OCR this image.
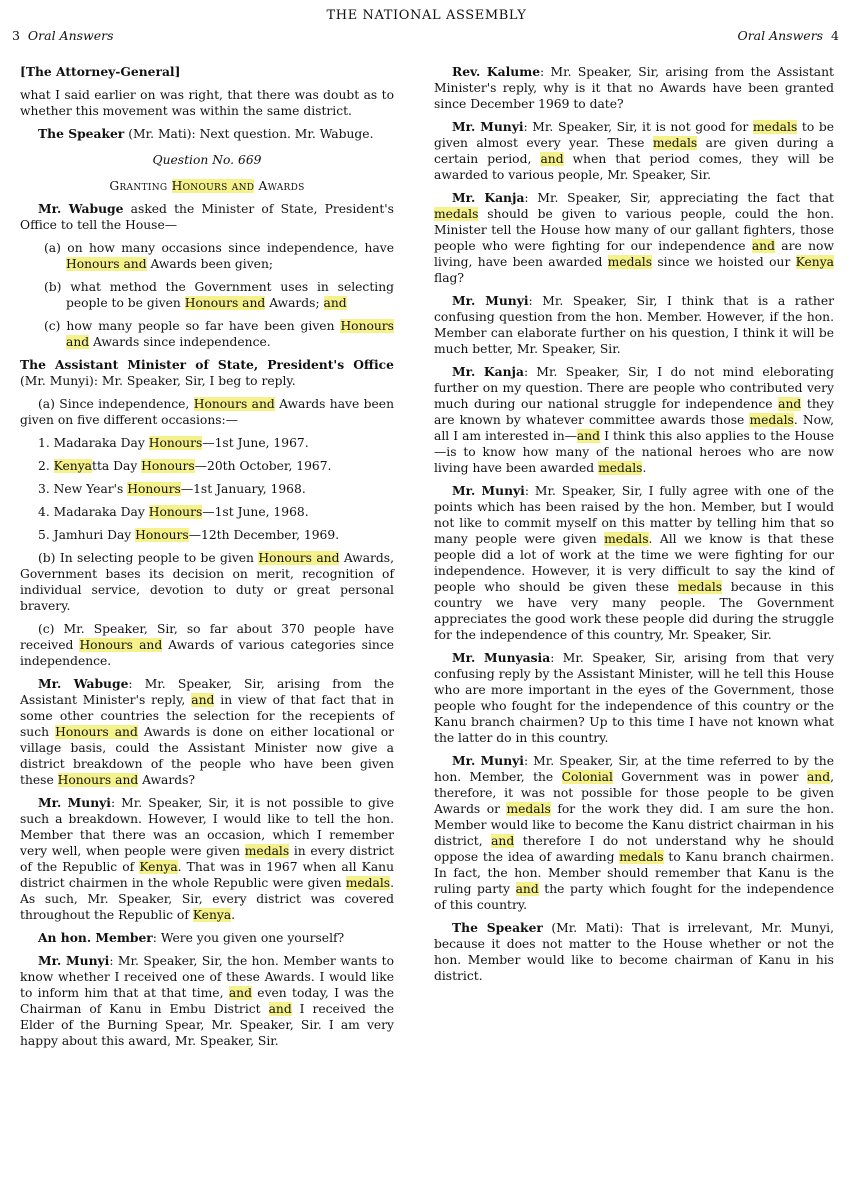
THE NATIONAL ASSEMBLY
3 Oral Answers	Oral Answers 4

[The Attorney-General]

what I said earlier on was right, that there was doubt as to whether this movement was within the same district.

The Speaker (Mr. Mati): Next question. Mr. Wabuge.

Question No. 669

Granting Honours and Awards

Mr. Wabuge asked the Minister of State, President's Office to tell the House—

(a) on how many occasions since independence, have Honours and Awards been given;

(b) what method the Government uses in selecting people to be given Honours and Awards; and

(c) how many people so far have been given Honours and Awards since independence.

The Assistant Minister of State, President's Office (Mr. Munyi): Mr. Speaker, Sir, I beg to reply.

(a) Since independence, Honours and Awards have been given on five different occasions:—

1. Madaraka Day Honours—1st June, 1967.

2. Kenyatta Day Honours—20th October, 1967.

3. New Year's Honours—1st January, 1968.

4. Madaraka Day Honours—1st June, 1968.

5. Jamhuri Day Honours—12th December, 1969.

(b) In selecting people to be given Honours and Awards, Government bases its decision on merit, recognition of individual service, devotion to duty or great personal bravery.

(c) Mr. Speaker, Sir, so far about 370 people have received Honours and Awards of various categories since independence.

Mr. Wabuge: Mr. Speaker, Sir, arising from the Assistant Minister's reply, and in view of that fact that in some other countries the selection for the recepients of such Honours and Awards is done on either locational or village basis, could the Assistant Minister now give a district breakdown of the people who have been given these Honours and Awards?

Mr. Munyi: Mr. Speaker, Sir, it is not possible to give such a breakdown. However, I would like to tell the hon. Member that there was an occasion, which I remember very well, when people were given medals in every district of the Republic of Kenya. That was in 1967 when all Kanu district chairmen in the whole Republic were given medals. As such, Mr. Speaker, Sir, every district was covered throughout the Republic of Kenya.

An hon. Member: Were you given one yourself?

Mr. Munyi: Mr. Speaker, Sir, the hon. Member wants to know whether I received one of these Awards. I would like to inform him that at that time, and even today, I was the Chairman of Kanu in Embu District and I received the Elder of the Burning Spear, Mr. Speaker, Sir. I am very happy about this award, Mr. Speaker, Sir.

Rev. Kalume: Mr. Speaker, Sir, arising from the Assistant Minister's reply, why is it that no Awards have been granted since December 1969 to date?

Mr. Munyi: Mr. Speaker, Sir, it is not good for medals to be given almost every year. These medals are given during a certain period, and when that period comes, they will be awarded to various people, Mr. Speaker, Sir.

Mr. Kanja: Mr. Speaker, Sir, appreciating the fact that medals should be given to various people, could the hon. Minister tell the House how many of our gallant fighters, those people who were fighting for our independence and are now living, have been awarded medals since we hoisted our Kenya flag?

Mr. Munyi: Mr. Speaker, Sir, I think that is a rather confusing question from the hon. Member. However, if the hon. Member can elaborate further on his question, I think it will be much better, Mr. Speaker, Sir.

Mr. Kanja: Mr. Speaker, Sir, I do not mind eleborating further on my question. There are people who contributed very much during our national struggle for independence and they are known by whatever committee awards those medals. Now, all I am interested in—and I think this also applies to the House—is to know how many of the national heroes who are now living have been awarded medals.

Mr. Munyi: Mr. Speaker, Sir, I fully agree with one of the points which has been raised by the hon. Member, but I would not like to commit myself on this matter by telling him that so many people were given medals. All we know is that these people did a lot of work at the time we were fighting for our independence. However, it is very difficult to say the kind of people who should be given these medals because in this country we have very many people. The Government appreciates the good work these people did during the struggle for the independence of this country, Mr. Speaker, Sir.

Mr. Munyasia: Mr. Speaker, Sir, arising from that very confusing reply by the Assistant Minister, will he tell this House who are more important in the eyes of the Government, those people who fought for the independence of this country or the Kanu branch chairmen? Up to this time I have not known what the latter do in this country.

Mr. Munyi: Mr. Speaker, Sir, at the time referred to by the hon. Member, the Colonial Government was in power and, therefore, it was not possible for those people to be given Awards or medals for the work they did. I am sure the hon. Member would like to become the Kanu district chairman in his district, and therefore I do not understand why he should oppose the idea of awarding medals to Kanu branch chairmen. In fact, the hon. Member should remember that Kanu is the ruling party and the party which fought for the independence of this country.

The Speaker (Mr. Mati): That is irrelevant, Mr. Munyi, because it does not matter to the House whether or not the hon. Member would like to become chairman of Kanu in his district.
